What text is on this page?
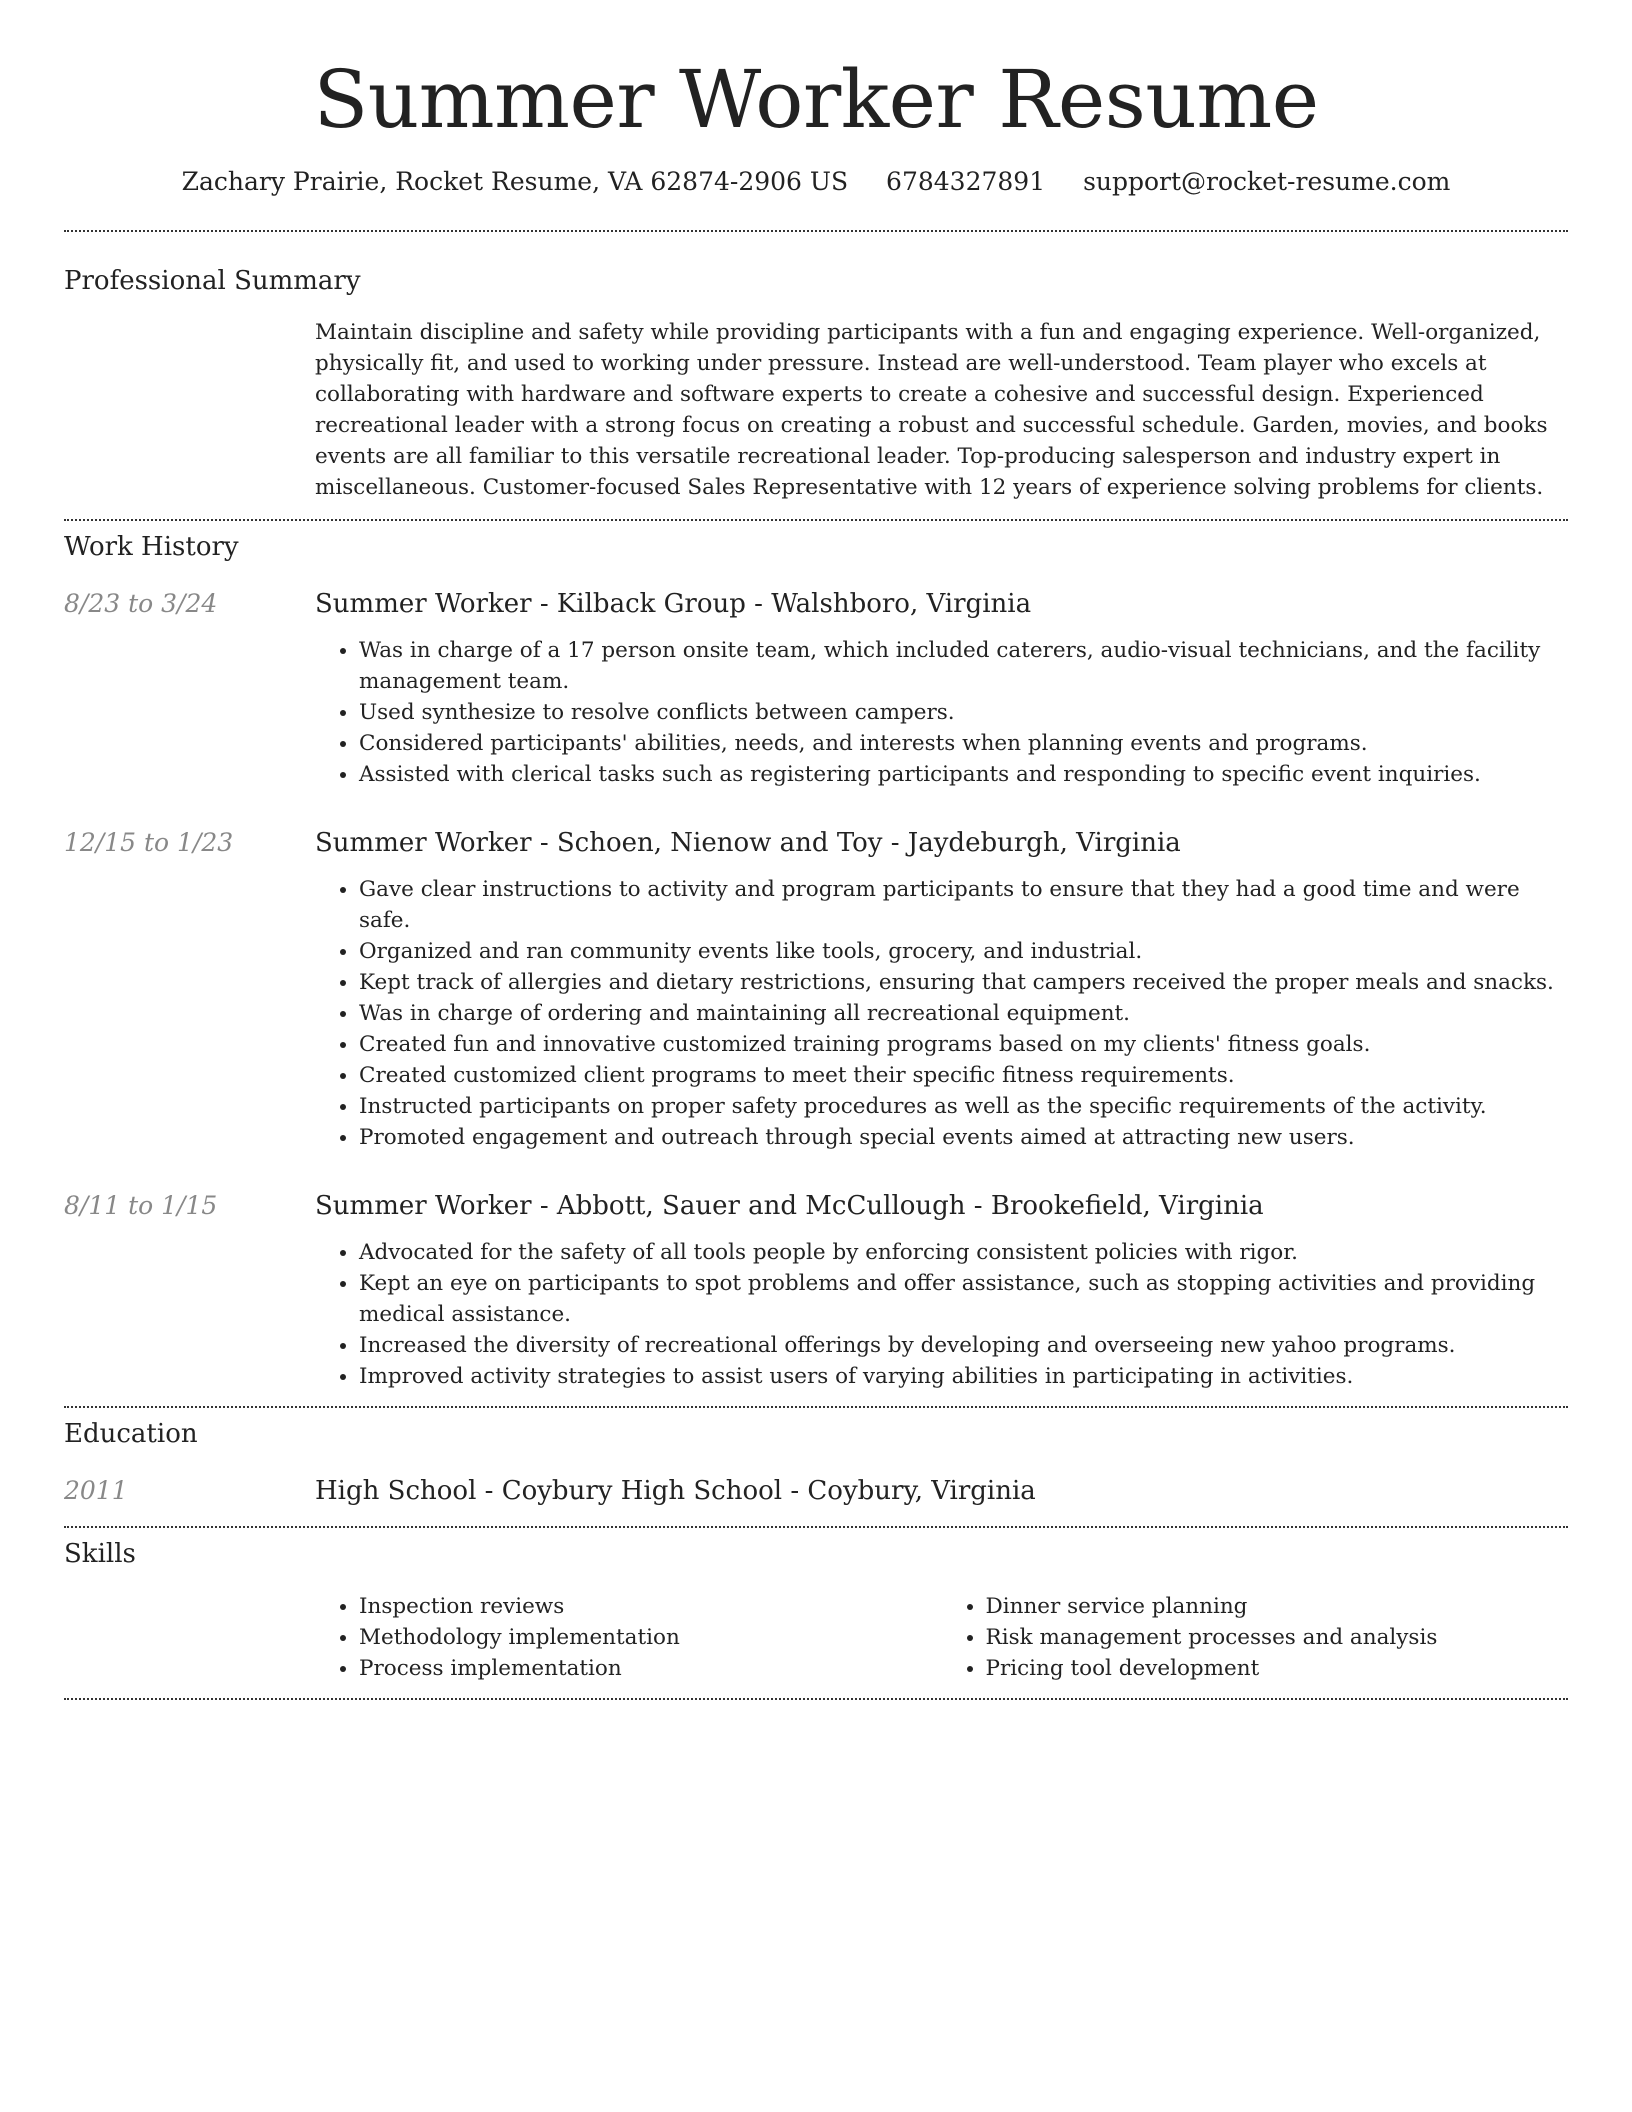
Summer Worker Resume
Zachary Prairie, Rocket Resume, VA 62874-2906 US 6784327891 support@rocket-resume.com
Professional Summary
Maintain discipline and safety while providing participants with a fun and engaging experience. Well-organized, physically fit, and used to working under pressure. Instead are well-understood. Team player who excels at collaborating with hardware and software experts to create a cohesive and successful design. Experienced recreational leader with a strong focus on creating a robust and successful schedule. Garden, movies, and books events are all familiar to this versatile recreational leader. Top-producing salesperson and industry expert in miscellaneous. Customer-focused Sales Representative with 12 years of experience solving problems for clients.
Work History
8/23 to 3/24	Summer Worker - Kilback Group - Walshboro, Virginia
• Was in charge of a 17 person onsite team, which included caterers, audio-visual technicians, and the facility management team.
• Used synthesize to resolve conflicts between campers.
• Considered participants' abilities, needs, and interests when planning events and programs.
• Assisted with clerical tasks such as registering participants and responding to specific event inquiries.
12/15 to 1/23	Summer Worker - Schoen, Nienow and Toy - Jaydeburgh, Virginia
• Gave clear instructions to activity and program participants to ensure that they had a good time and were safe.
• Organized and ran community events like tools, grocery, and industrial.
• Kept track of allergies and dietary restrictions, ensuring that campers received the proper meals and snacks.
• Was in charge of ordering and maintaining all recreational equipment.
• Created fun and innovative customized training programs based on my clients' fitness goals.
• Created customized client programs to meet their specific fitness requirements.
• Instructed participants on proper safety procedures as well as the specific requirements of the activity.
• Promoted engagement and outreach through special events aimed at attracting new users.
8/11 to 1/15	Summer Worker - Abbott, Sauer and McCullough - Brookefield, Virginia
• Advocated for the safety of all tools people by enforcing consistent policies with rigor.
• Kept an eye on participants to spot problems and offer assistance, such as stopping activities and providing medical assistance.
• Increased the diversity of recreational offerings by developing and overseeing new yahoo programs.
• Improved activity strategies to assist users of varying abilities in participating in activities.
Education
2011	High School - Coybury High School - Coybury, Virginia
Skills
• Inspection reviews
• Methodology implementation
• Process implementation
• Dinner service planning
• Risk management processes and analysis
• Pricing tool development
